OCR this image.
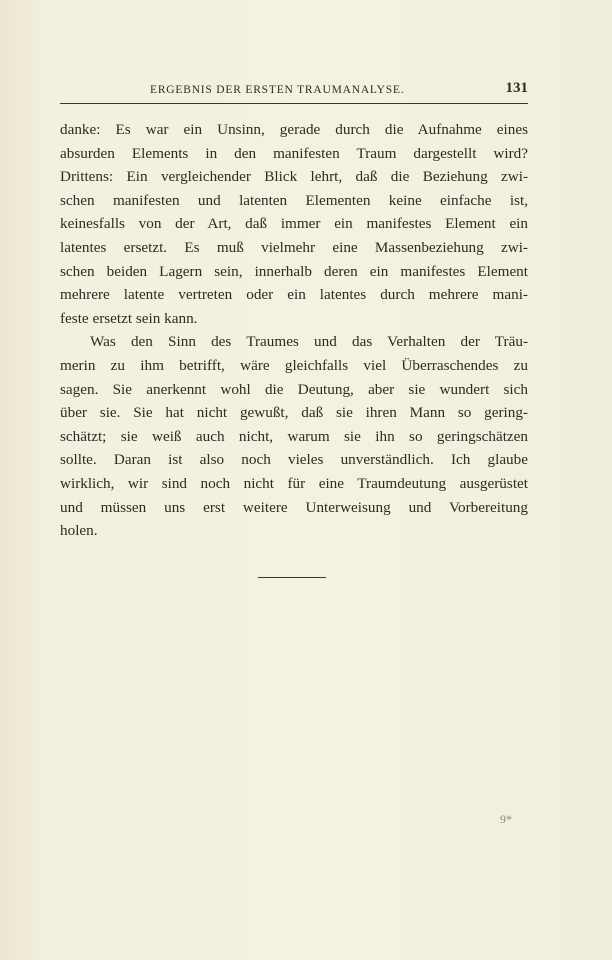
ERGEBNIS DER ERSTEN TRAUMANALYSE.	131
danke: Es war ein Unsinn, gerade durch die Aufnahme eines
absurden Elements in den manifesten Traum dargestellt wird?
Drittens: Ein vergleichender Blick lehrt, daß die Beziehung zwi-
schen manifesten und latenten Elementen keine einfache ist,
keinesfalls von der Art, daß immer ein manifestes Element ein
latentes ersetzt. Es muß vielmehr eine Massenbeziehung zwi-
schen beiden Lagern sein, innerhalb deren ein manifestes Element
mehrere latente vertreten oder ein latentes durch mehrere mani-
feste ersetzt sein kann.
Was den Sinn des Traumes und das Verhalten der Träu-
merin zu ihm betrifft, wäre gleichfalls viel Überraschendes zu
sagen. Sie anerkennt wohl die Deutung, aber sie wundert sich
über sie. Sie hat nicht gewußt, daß sie ihren Mann so gering-
schätzt; sie weiß auch nicht, warum sie ihn so geringschätzen
sollte. Daran ist also noch vieles unverständlich. Ich glaube
wirklich, wir sind noch nicht für eine Traumdeutung ausgerüstet
und müssen uns erst weitere Unterweisung und Vorbereitung
holen.
9*
